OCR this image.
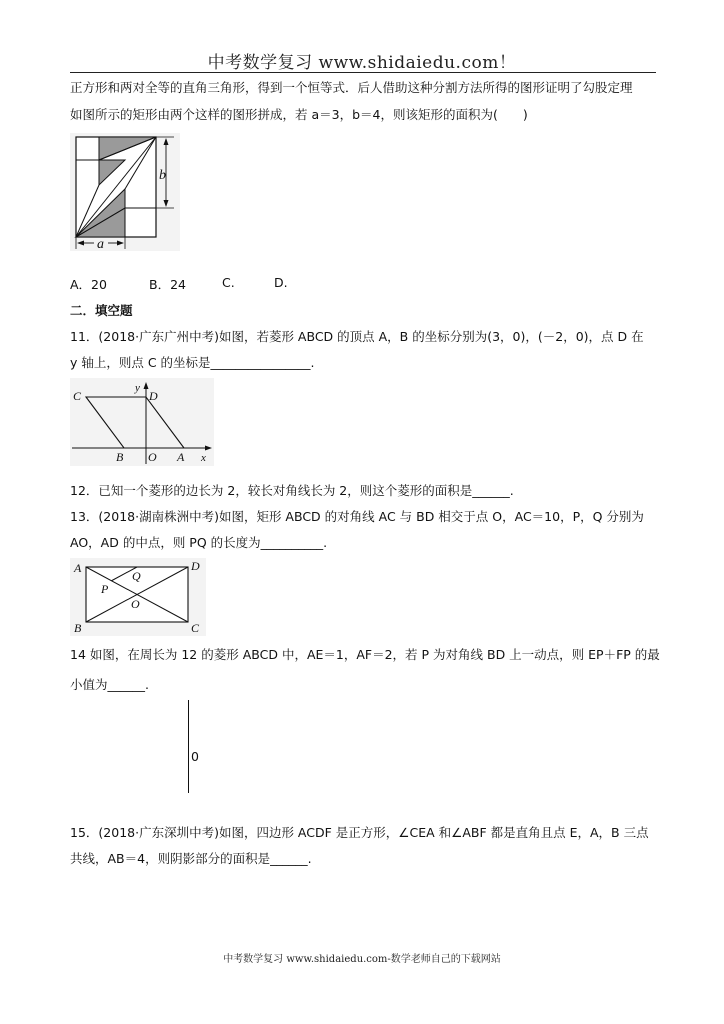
中考数学复习 www.shidaiedu.com！
正方形和两对全等的直角三角形，得到一个恒等式．后人借助这种分割方法所得的图形证明了勾股定理
如图所示的矩形由两个这样的图形拼成，若 a＝3，b＝4，则该矩形的面积为(　　)
b
a
A．20	B．24	C.	D.
二．填空题
11．(2018·广东广州中考)如图，若菱形 ABCD 的顶点 A，B 的坐标分别为(3，0)，(－2，0)，点 D 在
y 轴上，则点 C 的坐标是________________.
C	D
y
B O A x
12．已知一个菱形的边长为 2，较长对角线长为 2，则这个菱形的面积是______.
13．(2018·湖南株洲中考)如图，矩形 ABCD 的对角线 AC 与 BD 相交于点 O，AC＝10，P，Q 分别为
AO，AD 的中点，则 PQ 的长度为__________.
A	D
Q
P
O
B	C
14 如图，在周长为 12 的菱形 ABCD 中，AE＝1，AF＝2，若 P 为对角线 BD 上一动点，则 EP＋FP 的最
小值为______.
0
15．(2018·广东深圳中考)如图，四边形 ACDF 是正方形，∠CEA 和∠ABF 都是直角且点 E，A，B 三点
共线，AB＝4，则阴影部分的面积是______.
中考数学复习 www.shidaiedu.com-数学老师自己的下载网站
